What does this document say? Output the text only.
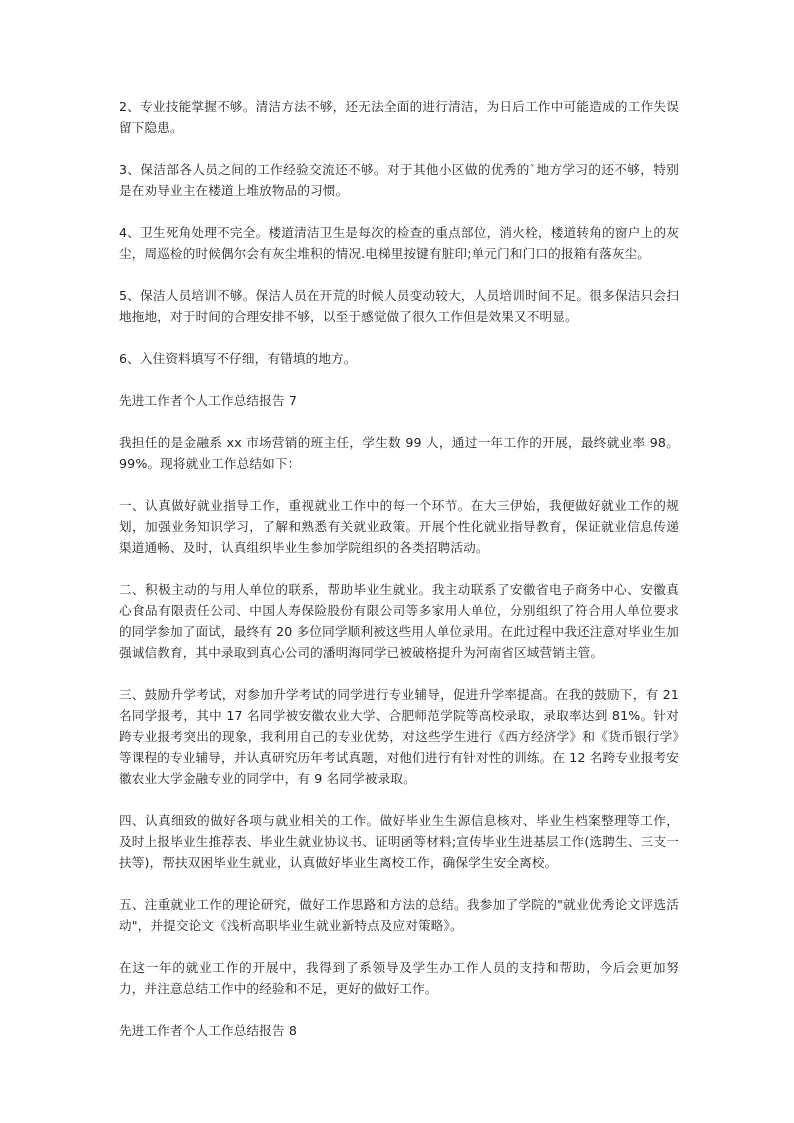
2、专业技能掌握不够。清洁方法不够，还无法全面的进行清洁，为日后工作中可能造成的工作失误留下隐患。

3、保洁部各人员之间的工作经验交流还不够。对于其他小区做的优秀的`地方学习的还不够，特别是在劝导业主在楼道上堆放物品的习惯。

4、卫生死角处理不完全。楼道清洁卫生是每次的检查的重点部位，消火栓，楼道转角的窗户上的灰尘，周巡检的时候偶尔会有灰尘堆积的情况.电梯里按键有脏印;单元门和门口的报箱有落灰尘。

5、保洁人员培训不够。保洁人员在开荒的时候人员变动较大，人员培训时间不足。很多保洁只会扫地拖地，对于时间的合理安排不够，以至于感觉做了很久工作但是效果又不明显。

6、入住资料填写不仔细，有错填的地方。

先进工作者个人工作总结报告 7

我担任的是金融系 xx 市场营销的班主任，学生数 99 人，通过一年工作的开展，最终就业率 98。99%。现将就业工作总结如下：

一、认真做好就业指导工作，重视就业工作中的每一个环节。在大三伊始，我便做好就业工作的规划，加强业务知识学习，了解和熟悉有关就业政策。开展个性化就业指导教育，保证就业信息传递渠道通畅、及时，认真组织毕业生参加学院组织的各类招聘活动。

二、积极主动的与用人单位的联系，帮助毕业生就业。我主动联系了安徽省电子商务中心、安徽真心食品有限责任公司、中国人寿保险股份有限公司等多家用人单位，分别组织了符合用人单位要求的同学参加了面试，最终有 20 多位同学顺利被这些用人单位录用。在此过程中我还注意对毕业生加强诚信教育，其中录取到真心公司的潘明海同学已被破格提升为河南省区域营销主管。

三、鼓励升学考试，对参加升学考试的同学进行专业辅导，促进升学率提高。在我的鼓励下，有 21 名同学报考，其中 17 名同学被安徽农业大学、合肥师范学院等高校录取，录取率达到 81%。针对跨专业报考突出的现象，我利用自己的专业优势，对这些学生进行《西方经济学》和《货币银行学》等课程的专业辅导，并认真研究历年考试真题，对他们进行有针对性的训练。在 12 名跨专业报考安徽农业大学金融专业的同学中，有 9 名同学被录取。

四、认真细致的做好各项与就业相关的工作。做好毕业生生源信息核对、毕业生档案整理等工作，及时上报毕业生推荐表、毕业生就业协议书、证明函等材料;宣传毕业生进基层工作(选聘生、三支一扶等)，帮扶双困毕业生就业，认真做好毕业生离校工作，确保学生安全离校。

五、注重就业工作的理论研究，做好工作思路和方法的总结。我参加了学院的"就业优秀论文评选活动"，并提交论文《浅析高职毕业生就业新特点及应对策略》。

在这一年的就业工作的开展中，我得到了系领导及学生办工作人员的支持和帮助，今后会更加努力，并注意总结工作中的经验和不足，更好的做好工作。

先进工作者个人工作总结报告 8
